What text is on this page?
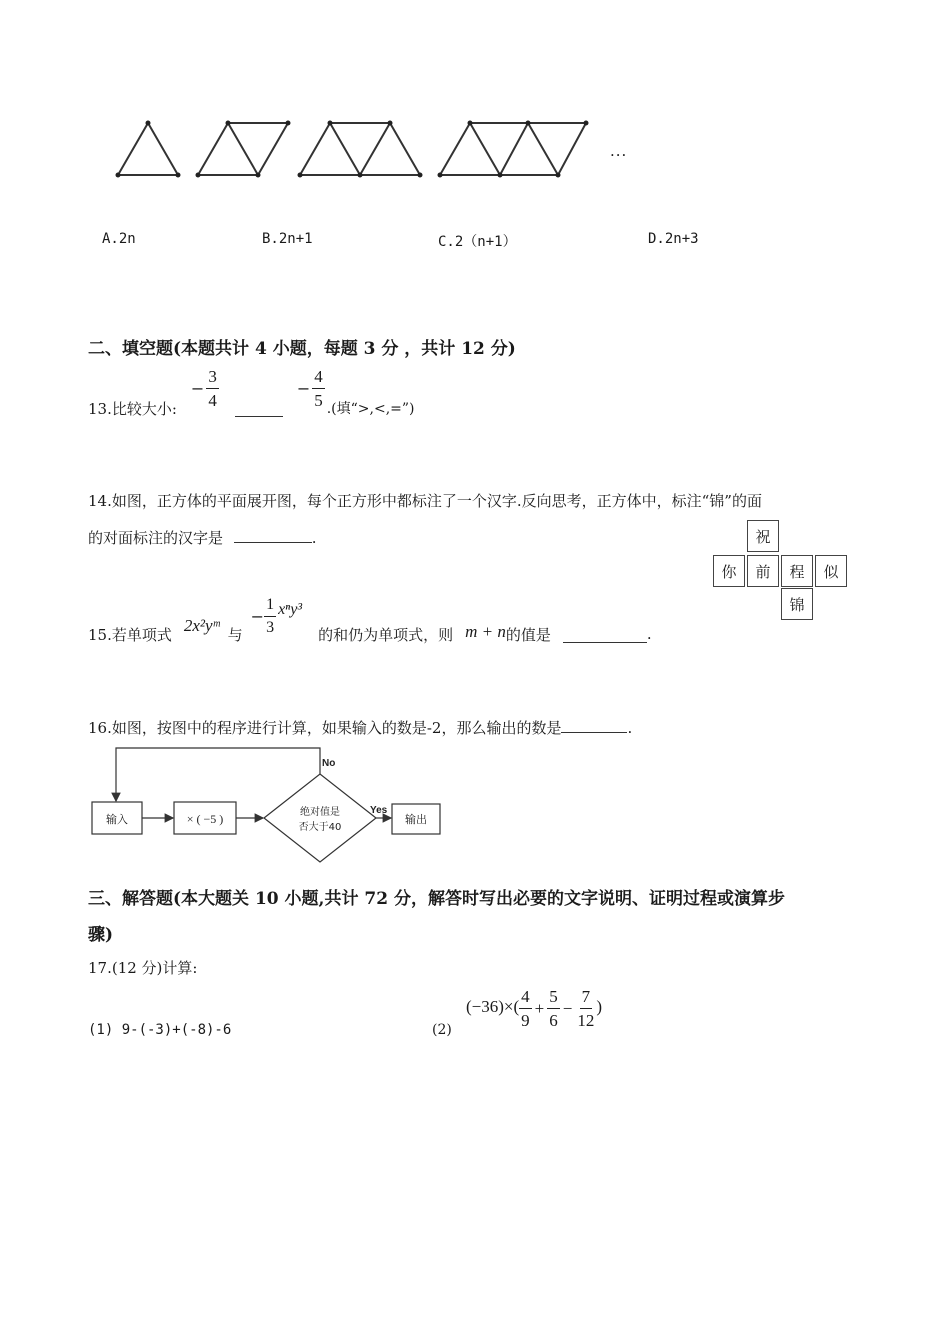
···
A.2n	B.2n+1	C.2（n+1）	D.2n+3
二、填空题(本题共计 4 小题，每题 3 分 ，共计 12 分)
13.比较大小:
− $\frac{3}{4}$	− $\frac{4}{5}$
.(填“>,<,=”)
14.如图，正方体的平面展开图，每个正方形中都标注了一个汉字.反向思考，正方体中，标注“锦”的面
的对面标注的汉字是	.	祝
你	前	程	似
锦
15.若单项式 2x²yᵐ 与
− $\frac{1}{3} x^ny^3$
的和仍为单项式，则 m + n 的值是	.
16.如图，按图中的程序进行计算，如果输入的数是-2，那么输出的数是	.
输入	× ( −5 )	绝对值是
否大于40
Yes
No
输出
三、解答题(本大题关 10 小题,共计 72 分，解答时写出必要的文字说明、证明过程或演算步
骤)
17.(12 分)计算:
(1) 9-(-3)+(-8)-6	(2)
$(-36)\times( \frac{4}{9} + \frac{5}{6} - \frac{7}{12}$ )
